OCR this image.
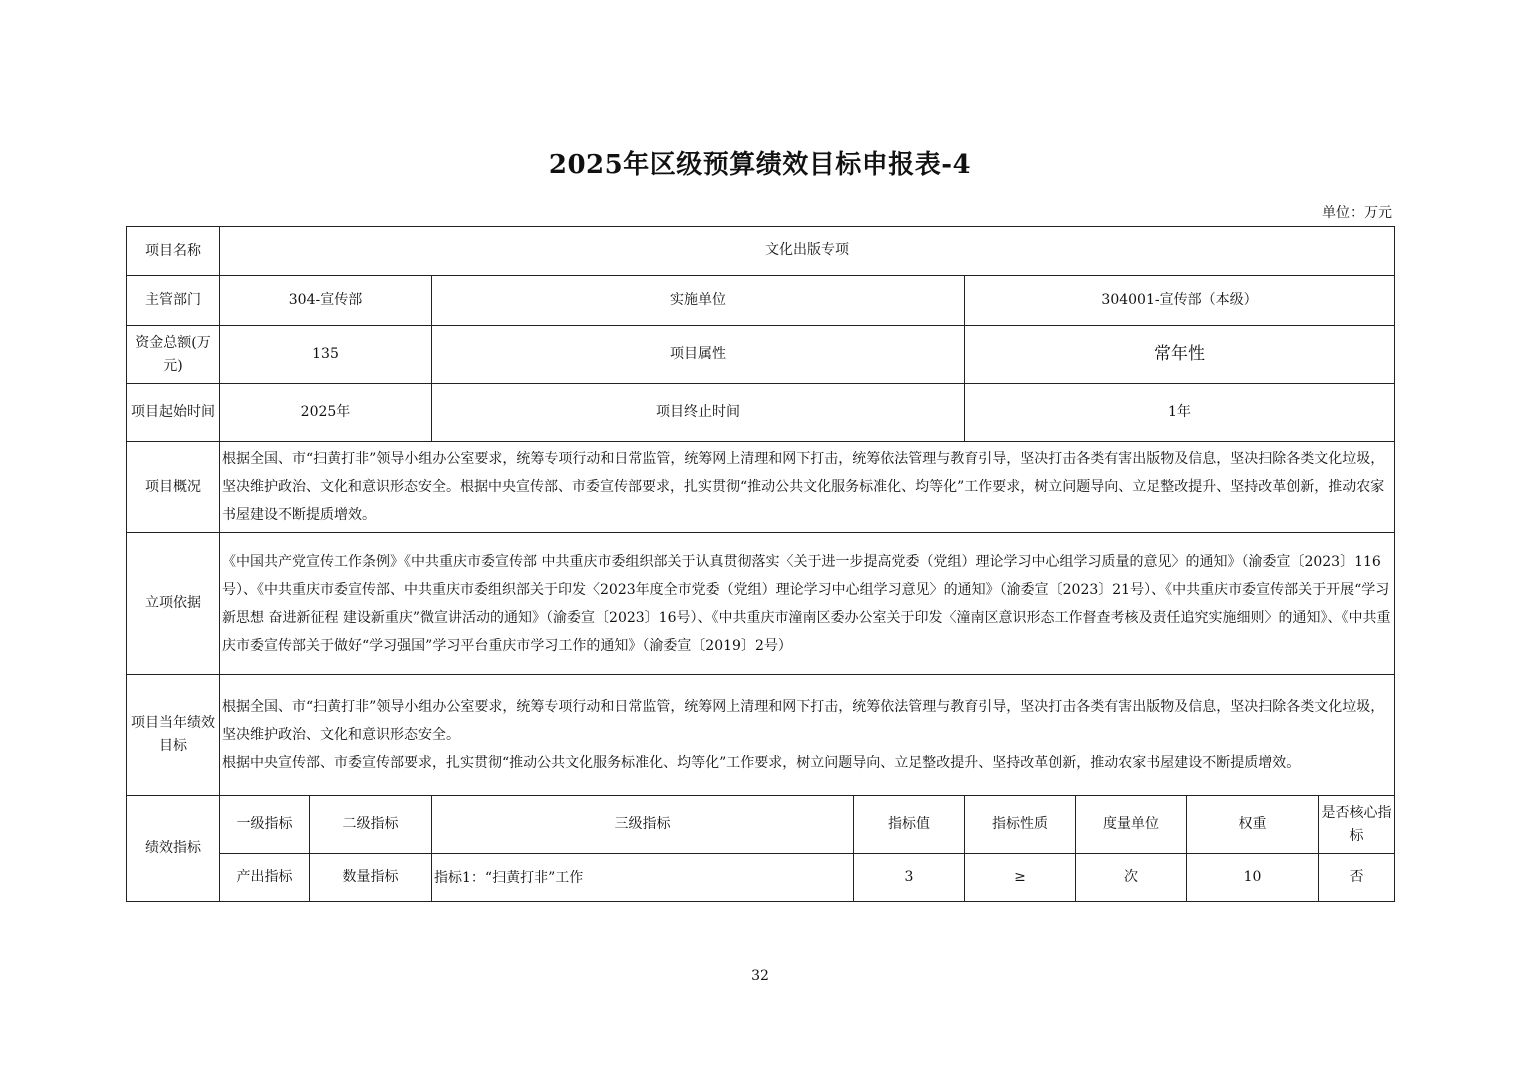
2025年区级预算绩效目标申报表-4
单位：万元
项目名称	文化出版专项							
主管部门	304-宣传部		实施单位		304001-宣传部（本级）			
资金总额(万元)	135		项目属性		常年性			
项目起始时间	2025年		项目终止时间		1年			
项目概况	根据全国、市“扫黄打非”领导小组办公室要求，统筹专项行动和日常监管，统筹网上清理和网下打击，统筹依法管理与教育引导，坚决打击各类有害出版物及信息，坚决扫除各类文化垃圾，坚决维护政治、文化和意识形态安全。根据中央宣传部、市委宣传部要求，扎实贯彻“推动公共文化服务标准化、均等化”工作要求，树立问题导向、立足整改提升、坚持改革创新，推动农家书屋建设不断提质增效。							
立项依据	《中国共产党宣传工作条例》《中共重庆市委宣传部 中共重庆市委组织部关于认真贯彻落实〈关于进一步提高党委（党组）理论学习中心组学习质量的意见〉的通知》（渝委宣〔2023〕116号）、《中共重庆市委宣传部、中共重庆市委组织部关于印发〈2023年度全市党委（党组）理论学习中心组学习意见〉的通知》（渝委宣〔2023〕21号）、《中共重庆市委宣传部关于开展“学习新思想 奋进新征程 建设新重庆”微宣讲活动的通知》（渝委宣〔2023〕16号）、《中共重庆市潼南区委办公室关于印发〈潼南区意识形态工作督查考核及责任追究实施细则〉的通知》、《中共重庆市委宣传部关于做好“学习强国”学习平台重庆市学习工作的通知》（渝委宣〔2019〕2号）							
项目当年绩效目标	根据全国、市“扫黄打非”领导小组办公室要求，统筹专项行动和日常监管，统筹网上清理和网下打击，统筹依法管理与教育引导，坚决打击各类有害出版物及信息，坚决扫除各类文化垃圾，坚决维护政治、文化和意识形态安全。
根据中央宣传部、市委宣传部要求，扎实贯彻“推动公共文化服务标准化、均等化”工作要求，树立问题导向、立足整改提升、坚持改革创新，推动农家书屋建设不断提质增效。							

绩效指标	一级指标	二级指标	三级指标	指标值	指标性质	度量单位	权重	是否核心指标
	产出指标	数量指标	指标1：“扫黄打非”工作	3	≥	次	10	否
32
